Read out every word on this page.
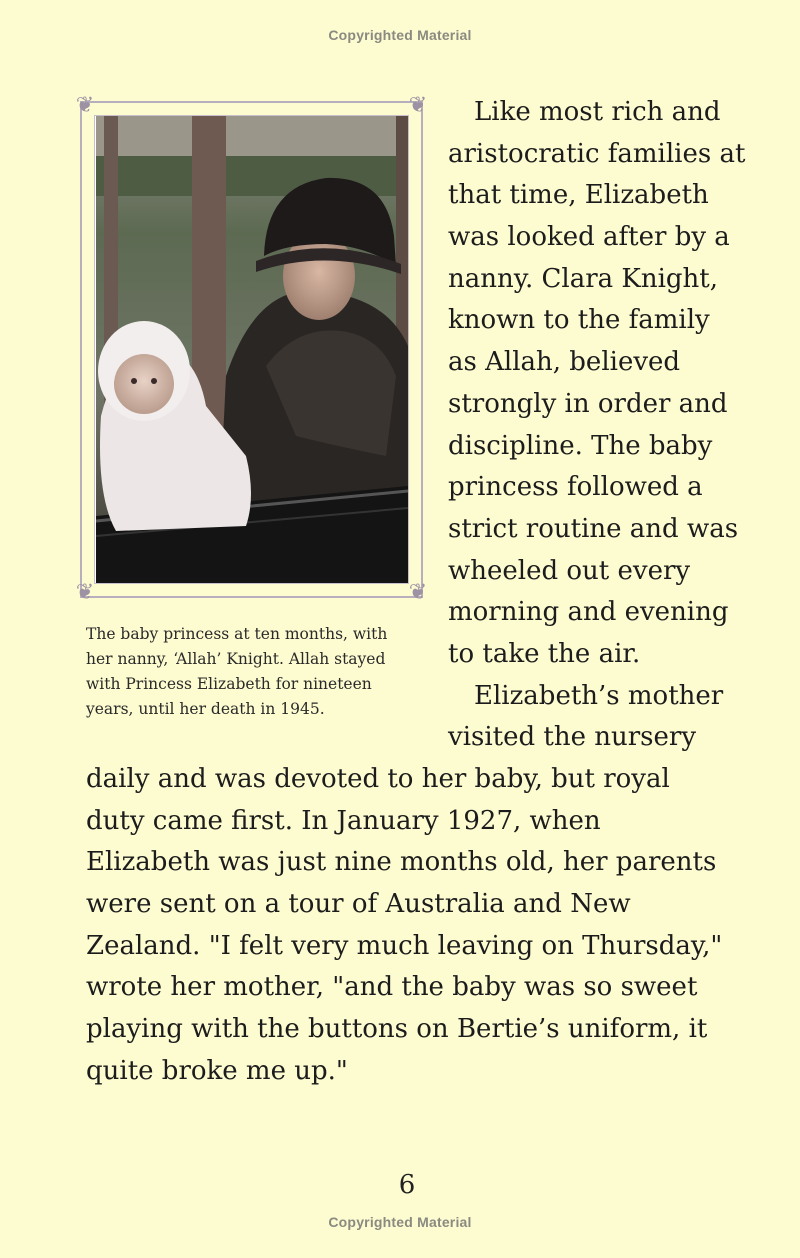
Copyrighted Material
❦	❦
❦	❦
The baby princess at ten months, with
her nanny, ‘Allah’ Knight. Allah stayed
with Princess Elizabeth for nineteen
years, until her death in 1945.
Like most rich and
aristocratic families at
that time, Elizabeth
was looked after by a
nanny. Clara Knight,
known to the family
as Allah, believed
strongly in order and
discipline. The baby
princess followed a
strict routine and was
wheeled out every
morning and evening
to take the air.
Elizabeth’s mother
visited the nursery
daily and was devoted to her baby, but royal
duty came first. In January 1927, when
Elizabeth was just nine months old, her parents
were sent on a tour of Australia and New
Zealand. "I felt very much leaving on Thursday,"
wrote her mother, "and the baby was so sweet
playing with the buttons on Bertie’s uniform, it
quite broke me up."
6
Copyrighted Material
